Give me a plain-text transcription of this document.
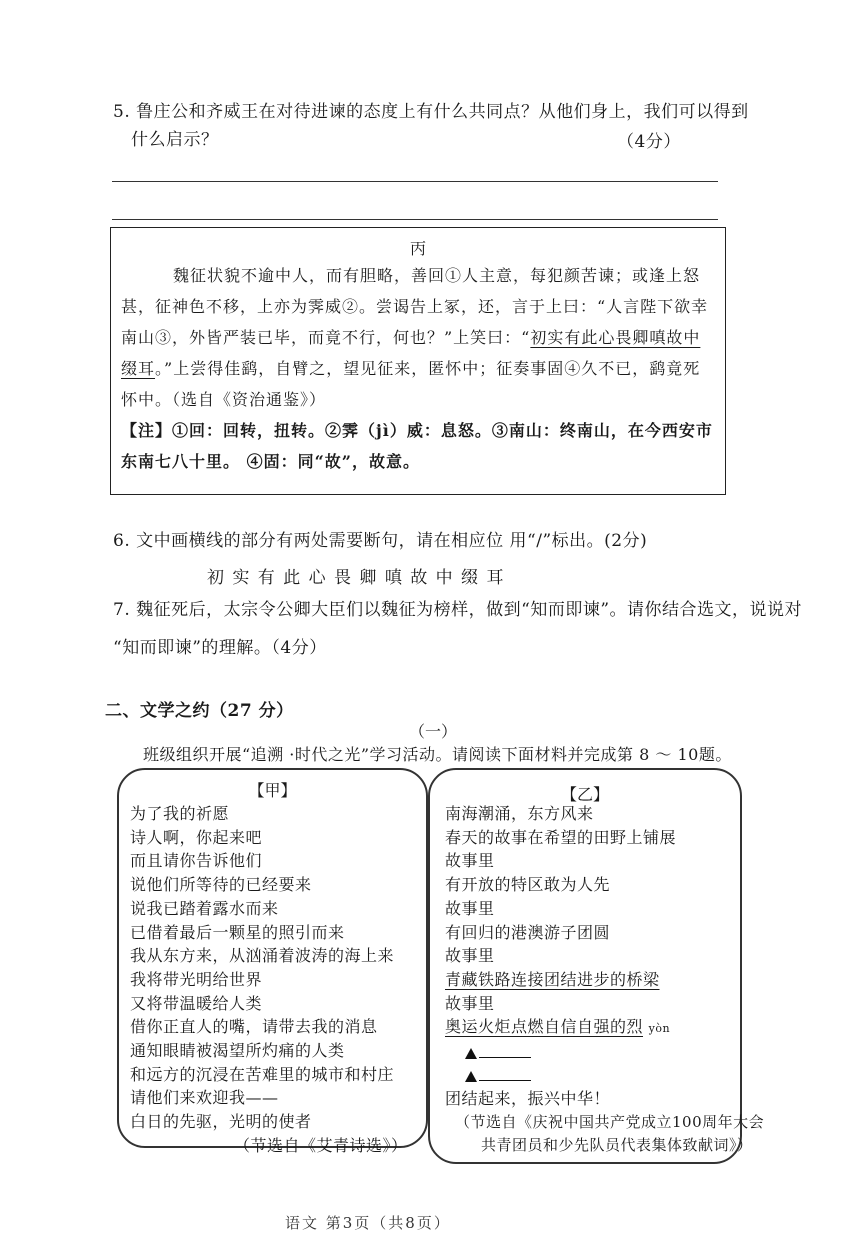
5. 鲁庄公和齐威王在对待进谏的态度上有什么共同点？从他们身上，我们可以得到
什么启示？	（4分）
丙
魏征状貌不逾中人，而有胆略，善回①人主意，每犯颜苦谏；或逢上怒
甚，征神色不移，上亦为霁威②。尝谒告上冢，还，言于上曰：“人言陛下欲幸
南山③，外皆严装已毕，而竟不行，何也？”上笑曰：“初实有此心畏卿嗔故中
缀耳。”上尝得佳鹞，自臂之，望见征来，匿怀中；征奏事固④久不已，鹞竟死
怀中。（选自《资治通鉴》）
【注】①回：回转，扭转。②霁（jì）威：息怒。③南山：终南山，在今西安市
东南七八十里。 ④固：同“故”，故意。
6. 文中画横线的部分有两处需要断句，请在相应位 用“/”标出。(2分)
初 实 有 此 心 畏 卿 嗔 故 中 缀 耳
7. 魏征死后，太宗令公卿大臣们以魏征为榜样，做到“知而即谏”。请你结合选文，说说对
“知而即谏”的理解。（4分）
二、文学之约（27 分）
（一）
班级组织开展“追溯 ·时代之光”学习活动。请阅读下面材料并完成第 8 ～ 10题。
【甲】
为了我的祈愿
诗人啊，你起来吧
而且请你告诉他们
说他们所等待的已经要来
说我已踏着露水而来
已借着最后一颗星的照引而来
我从东方来，从汹涌着波涛的海上来
我将带光明给世界
又将带温暖给人类
借你正直人的嘴，请带去我的消息
通知眼睛被渴望所灼痛的人类
和远方的沉浸在苦难里的城市和村庄
请他们来欢迎我——
白日的先驱，光明的使者
（节选自《艾青诗选》）
【乙】
南海潮涌，东方风来
春天的故事在希望的田野上铺展
故事里
有开放的特区敢为人先
故事里
有回归的港澳游子团圆
故事里
青藏铁路连接团结进步的桥梁
故事里
奥运火炬点燃自信自强的烈 yòn
团结起来，振兴中华！
（节选自《庆祝中国共产党成立100周年大会
共青团员和少先队员代表集体致献词》）
语文 第3页（共8页）
